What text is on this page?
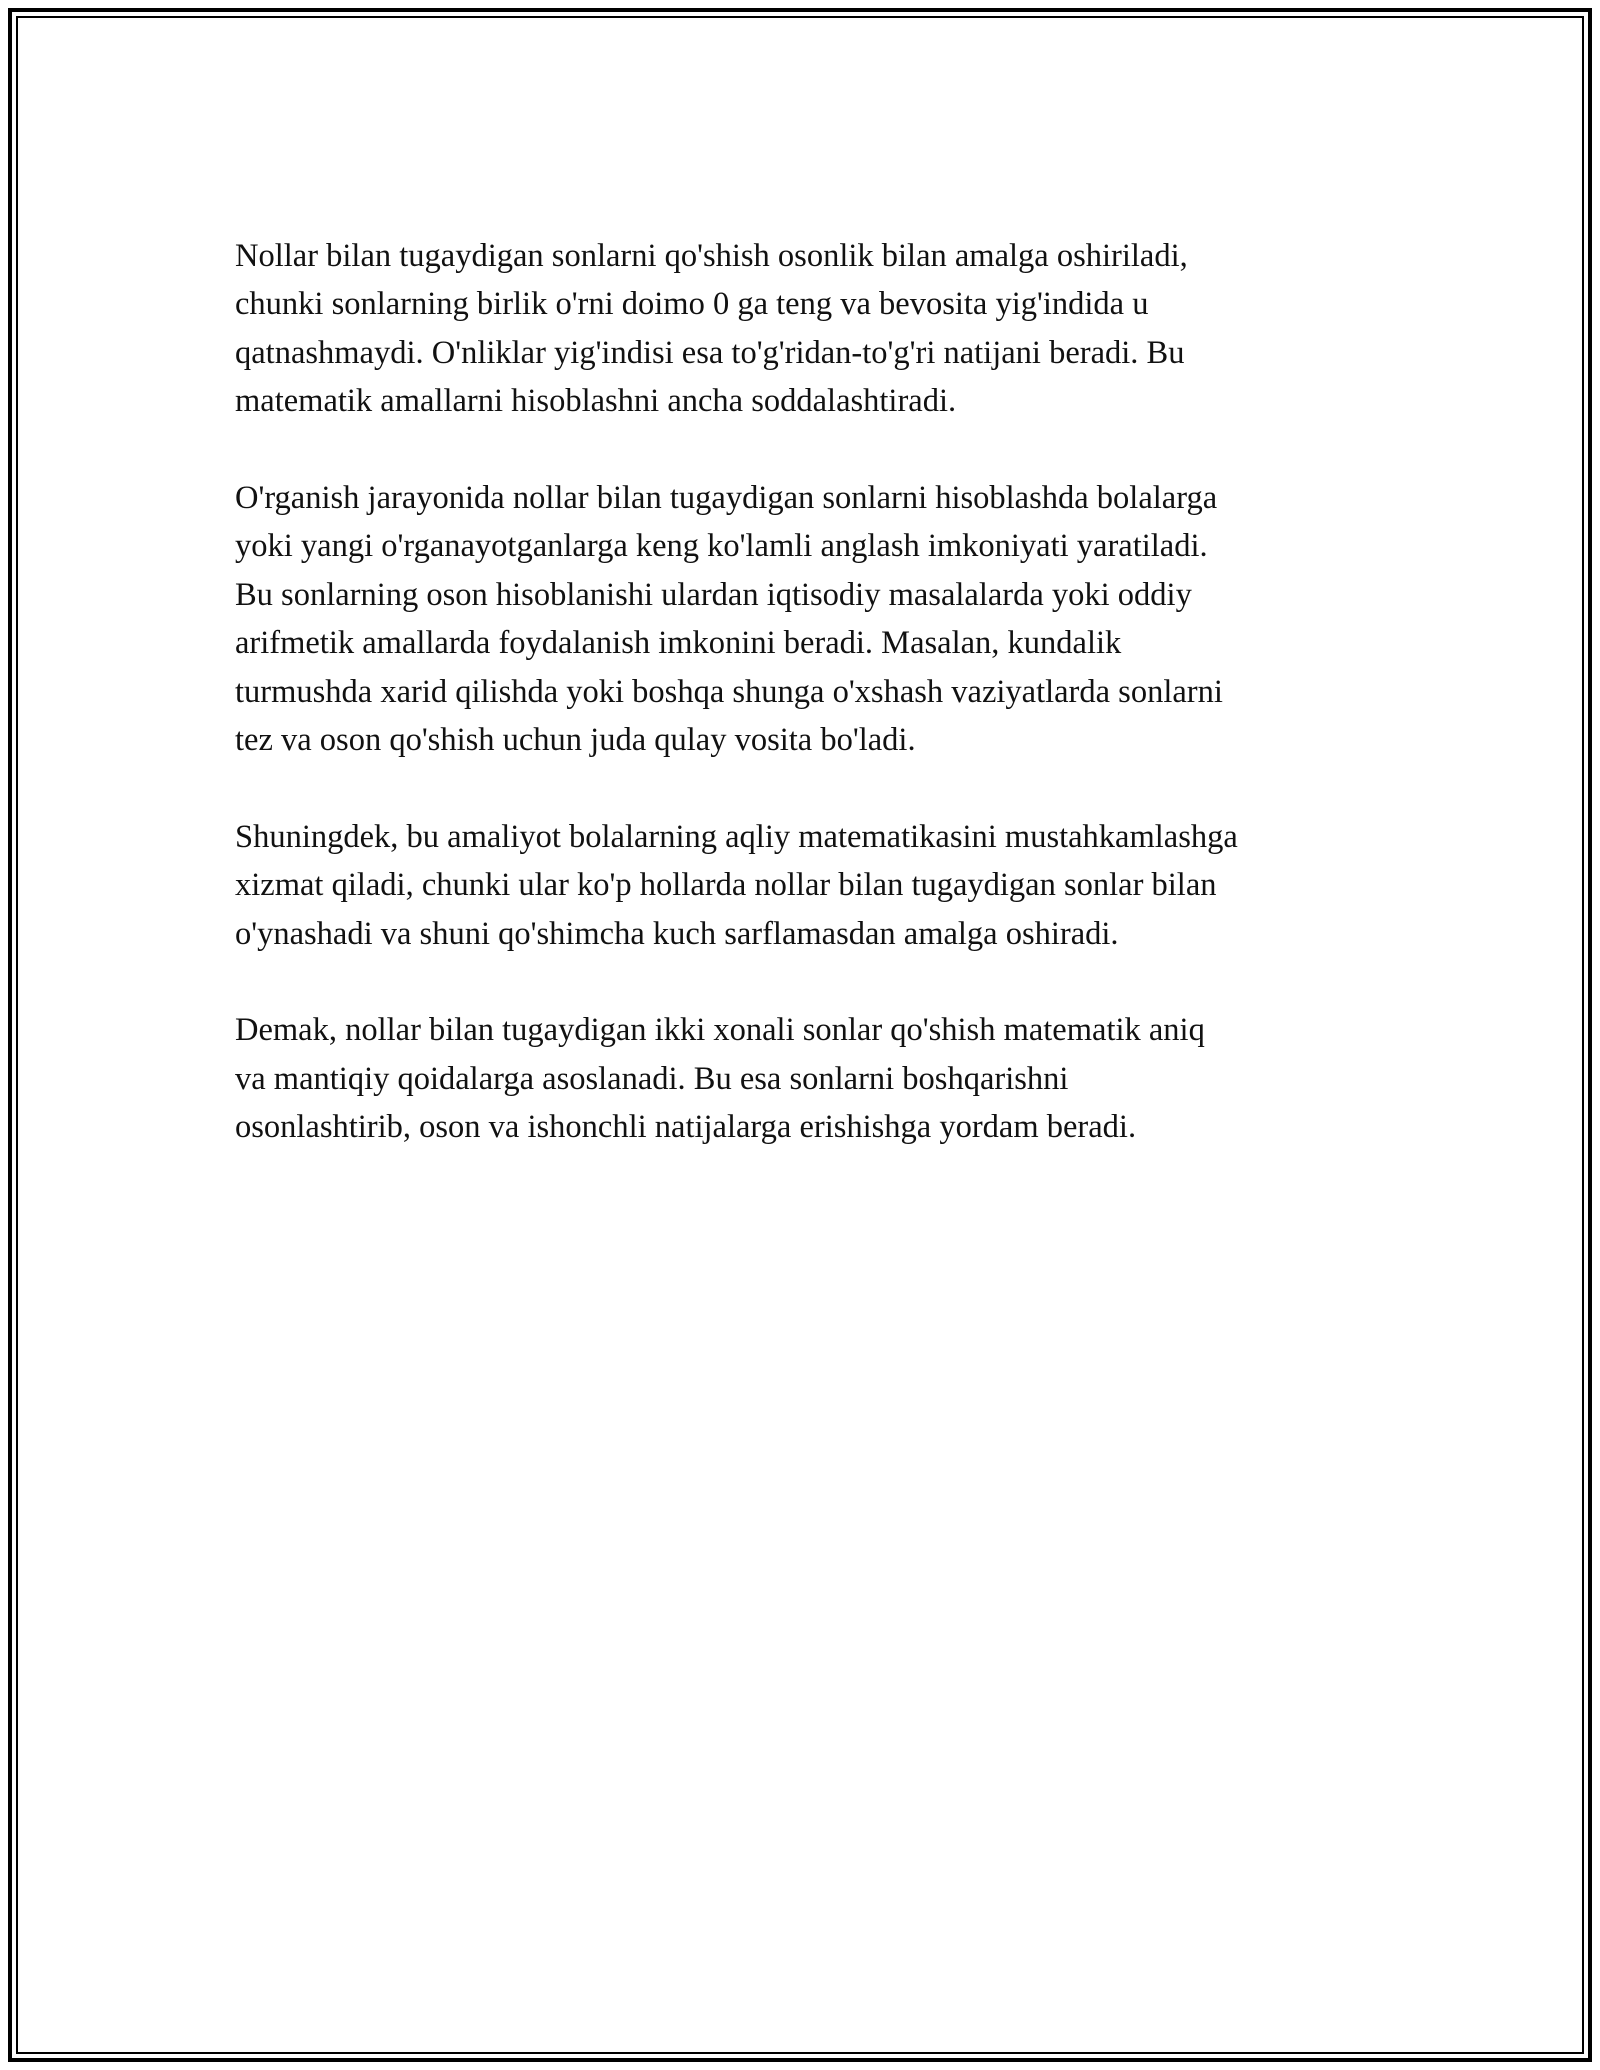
Nollar bilan tugaydigan sonlarni qo'shish osonlik bilan amalga oshiriladi,
chunki sonlarning birlik o'rni doimo 0 ga teng va bevosita yig'indida u
qatnashmaydi. O'nliklar yig'indisi esa to'g'ridan-to'g'ri natijani beradi. Bu
matematik amallarni hisoblashni ancha soddalashtiradi.

O'rganish jarayonida nollar bilan tugaydigan sonlarni hisoblashda bolalarga
yoki yangi o'rganayotganlarga keng ko'lamli anglash imkoniyati yaratiladi.
Bu sonlarning oson hisoblanishi ulardan iqtisodiy masalalarda yoki oddiy
arifmetik amallarda foydalanish imkonini beradi. Masalan, kundalik
turmushda xarid qilishda yoki boshqa shunga o'xshash vaziyatlarda sonlarni
tez va oson qo'shish uchun juda qulay vosita bo'ladi.

Shuningdek, bu amaliyot bolalarning aqliy matematikasini mustahkamlashga
xizmat qiladi, chunki ular ko'p hollarda nollar bilan tugaydigan sonlar bilan
o'ynashadi va shuni qo'shimcha kuch sarflamasdan amalga oshiradi.

Demak, nollar bilan tugaydigan ikki xonali sonlar qo'shish matematik aniq
va mantiqiy qoidalarga asoslanadi. Bu esa sonlarni boshqarishni
osonlashtirib, oson va ishonchli natijalarga erishishga yordam beradi.
